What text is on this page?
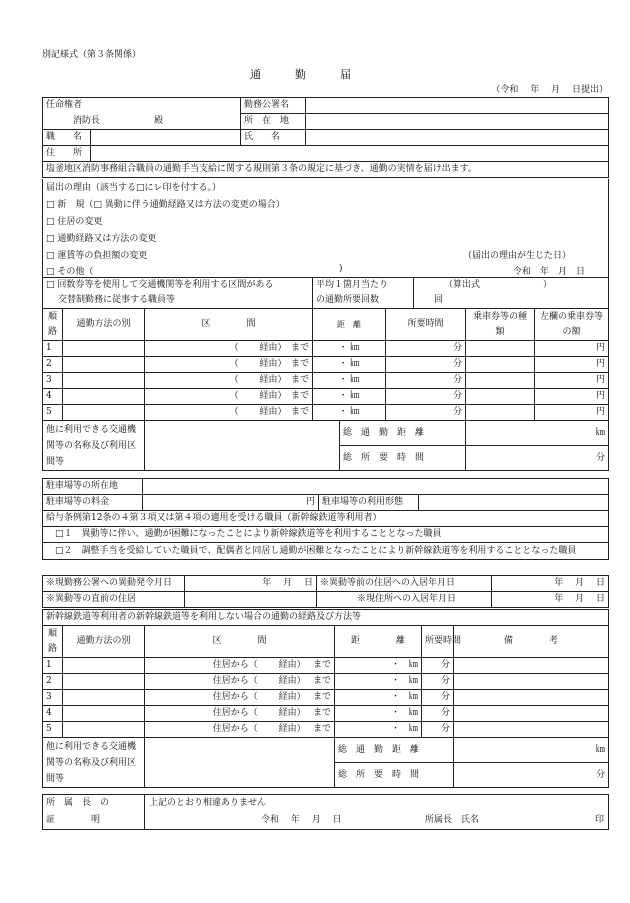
別記様式（第３条関係）
通　　勤　　届
（令和　 年　 月　 日提出）
任命権者		勤務公署名	
消防長　　　　　　殿		所　在　地	
職　　名		氏　　名	
住　　所			
塩釜地区消防事務組合職員の通勤手当支給に関する規則第３条の規定に基づき、通勤の実情を届け出ます。			
届出の理由（該当する□にレ印を付する。）
□ 新　規（□ 異動に伴う通勤経路又は方法の変更の場合）
□ 住居の変更
□ 通勤経路又は方法の変更
□ 運賃等の負担額の変更
□ その他（	)
（届出の理由が生じた日）
令和　年　月　日
□ 回数券等を使用して交通機関等を利用する区間がある
交替制勤務に従事する職員等			平均１箇月当たり
の通勤所要回数			（算出式　　　　　　　）		
						回		
順路	通勤方法の別	区　　　　間	距　離		所要時間		乗車券等の種類	左欄の乗車券等の額
1		（　　 経由）　まで	・ ㎞		分			円
2		（　　 経由）　まで	・ ㎞		分			円
3		（　　 経由）　まで	・ ㎞		分			円
4		（　　 経由）　まで	・ ㎞		分			円
5		（　　 経由）　まで	・ ㎞		分			円
他に利用できる交通機関等の名称及び利用区間等				総　通　勤　距　離			㎞	
				総　所　要　時　間			分	
駐車場等の所在地			
駐車場等の料金	円	駐車場等の利用形態	
給与条例第12条の４第３項又は第４項の適用を受ける職員（新幹線鉄道等利用者）			
□１　異動等に伴い、通勤が困難になったことにより新幹線鉄道等を利用することとなった職員			
□２　調整手当を受給していた職員で、配偶者と同居し通勤が困難となったことにより新幹線鉄道等を利用することとなった職員			
※現勤務公署への異動発令月日	年　 月　 日	※異動等前の住居への入居年月日	年　 月　 日
※異動等の直前の住居		※現住所への入居年月日	年　 月　 日
新幹線鉄道等利用者の新幹線鉄道等を利用しない場合の通勤の経路及び方法等					
順路	通勤方法の別	区　　　　間	距　　　　離	所要時間	備　　　　考
1		住居から（　　 経由）　 まで	・　㎞	分	
2		住居から（　　 経由）　 まで	・　㎞	分	
3		住居から（　　 経由）　 まで	・　㎞	分	
4		住居から（　　 経由）　 まで	・　㎞	分	
5		住居から（　　 経由）　 まで	・　㎞	分	
他に利用できる交通機関等の名称及び利用区間等			総　通　勤　距　離		㎞
			総　所　要　時　間		分
所　属　長　の
証　　　　明	
上記のとおり相違ありません
令和　 年　 月　 日	所属長　氏名	印
